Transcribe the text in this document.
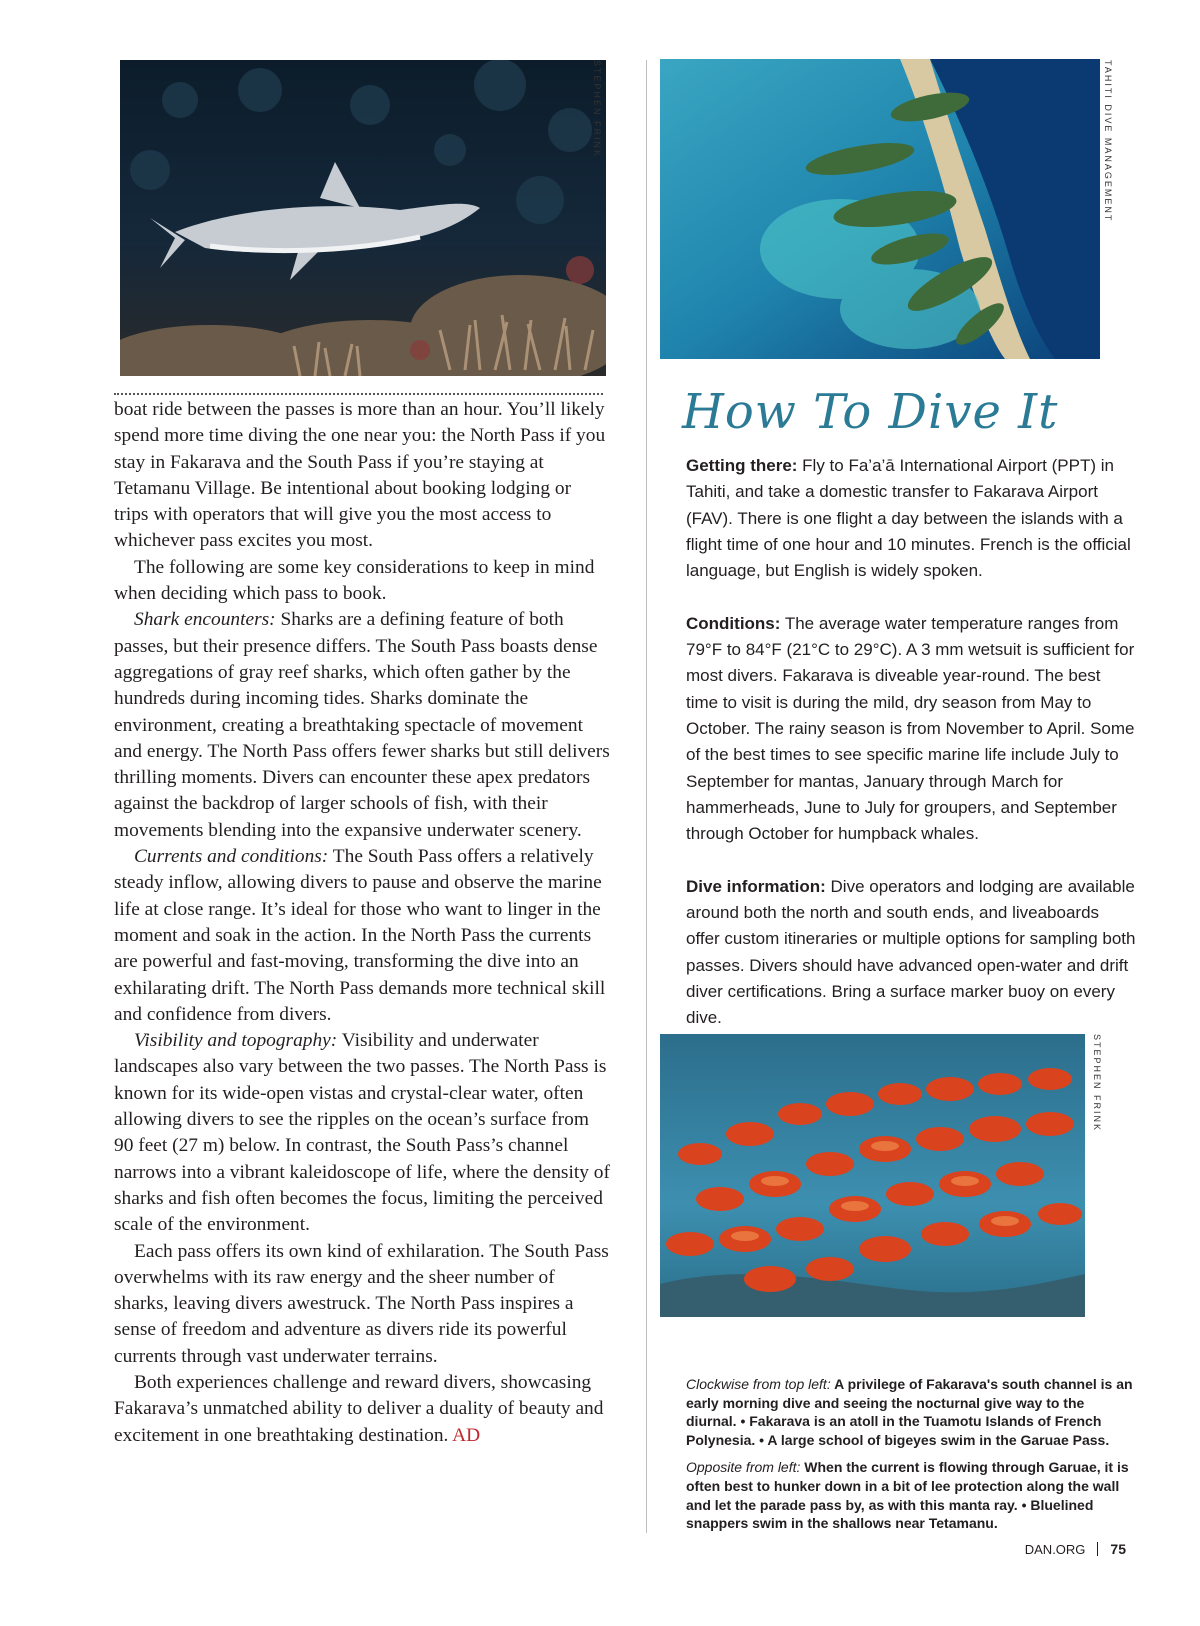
STEPHEN FRINK	TAHITI DIVE MANAGEMENT
STEPHEN FRINK

boat ride between the passes is more than an hour. You’ll likely spend more time diving the one near you: the North Pass if you stay in Fakarava and the South Pass if you’re staying at Tetamanu Village. Be intentional about booking lodging or trips with operators that will give you the most access to whichever pass excites you most.

The following are some key considerations to keep in mind when deciding which pass to book.

Shark encounters: Sharks are a defining feature of both passes, but their presence differs. The South Pass boasts dense aggregations of gray reef sharks, which often gather by the hundreds during incoming tides. Sharks dominate the environment, creating a breathtaking spectacle of movement and energy. The North Pass offers fewer sharks but still delivers thrilling moments. Divers can encounter these apex predators against the backdrop of larger schools of fish, with their movements blending into the expansive underwater scenery.

Currents and conditions: The South Pass offers a relatively steady inflow, allowing divers to pause and observe the marine life at close range. It’s ideal for those who want to linger in the moment and soak in the action. In the North Pass the currents are powerful and fast-moving, transforming the dive into an exhilarating drift. The North Pass demands more technical skill and confidence from divers.

Visibility and topography: Visibility and underwater landscapes also vary between the two passes. The North Pass is known for its wide-open vistas and crystal-clear water, often allowing divers to see the ripples on the ocean’s surface from 90 feet (27 m) below. In contrast, the South Pass’s channel narrows into a vibrant kaleidoscope of life, where the density of sharks and fish often becomes the focus, limiting the perceived scale of the environment.

Each pass offers its own kind of exhilaration. The South Pass overwhelms with its raw energy and the sheer number of sharks, leaving divers awestruck. The North Pass inspires a sense of freedom and adventure as divers ride its powerful currents through vast underwater terrains.

Both experiences challenge and reward divers, showcasing Fakarava’s unmatched ability to deliver a duality of beauty and excitement in one breathtaking destination. AD

How To Dive It

Getting there: Fly to Fa’a’ā International Airport (PPT) in Tahiti, and take a domestic transfer to Fakarava Airport (FAV). There is one flight a day between the islands with a flight time of one hour and 10 minutes. French is the official language, but English is widely spoken.

Conditions: The average water temperature ranges from 79°F to 84°F (21°C to 29°C). A 3 mm wetsuit is sufficient for most divers. Fakarava is diveable year-round. The best time to visit is during the mild, dry season from May to October. The rainy season is from November to April. Some of the best times to see specific marine life include July to September for mantas, January through March for hammerheads, June to July for groupers, and September through October for humpback whales.

Dive information: Dive operators and lodging are available around both the north and south ends, and liveaboards offer custom itineraries or multiple options for sampling both passes. Divers should have advanced open-water and drift diver certifications. Bring a surface marker buoy on every dive.

Clockwise from top left: A privilege of Fakarava's south channel is an early morning dive and seeing the nocturnal give way to the diurnal. • Fakarava is an atoll in the Tuamotu Islands of French Polynesia. • A large school of bigeyes swim in the Garuae Pass.

Opposite from left: When the current is flowing through Garuae, it is often best to hunker down in a bit of lee protection along the wall and let the parade pass by, as with this manta ray. • Bluelined snappers swim in the shallows near Tetamanu.

DAN.ORG 75
